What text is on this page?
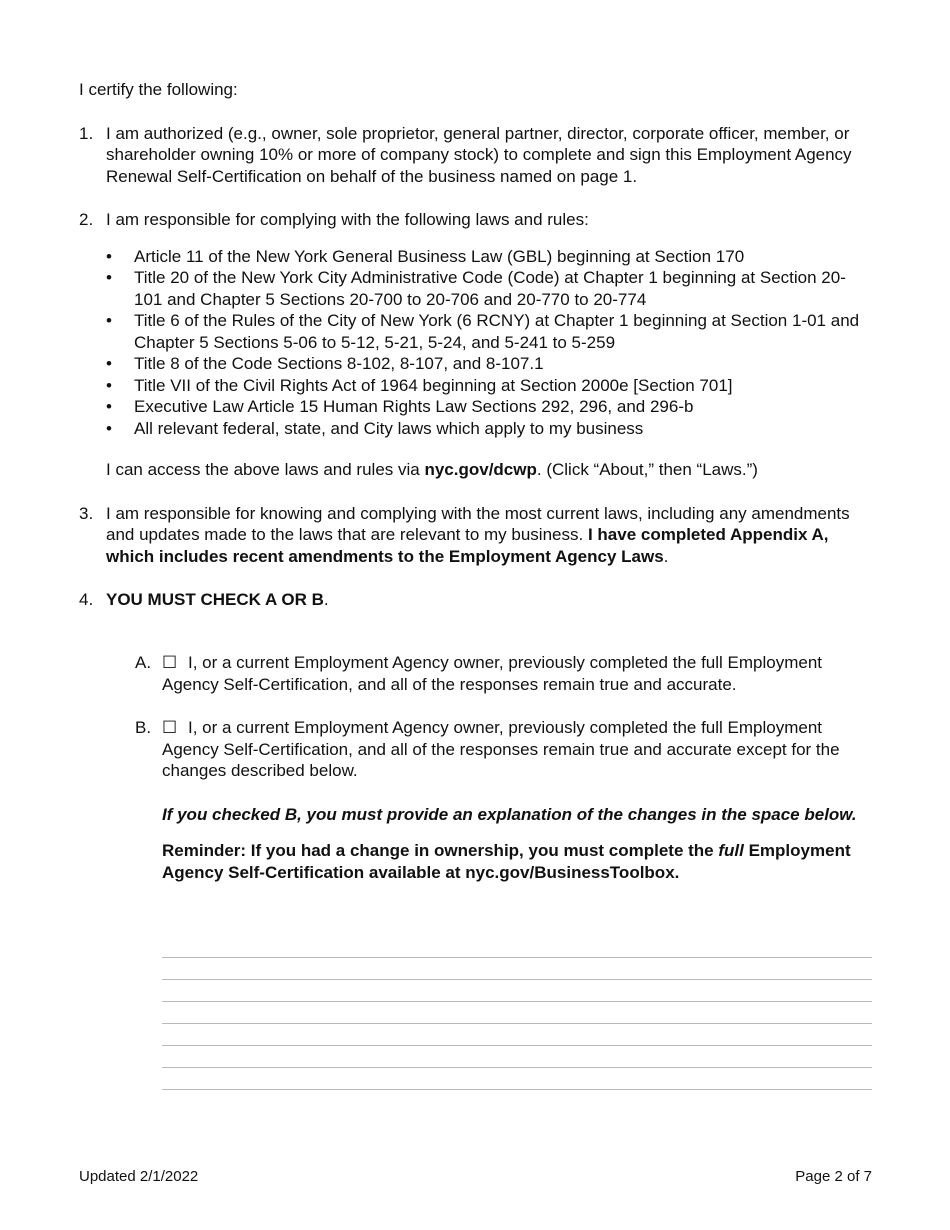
I certify the following:

1. I am authorized (e.g., owner, sole proprietor, general partner, director, corporate officer, member, or shareholder owning 10% or more of company stock) to complete and sign this Employment Agency Renewal Self-Certification on behalf of the business named on page 1.

2. I am responsible for complying with the following laws and rules:

•	Article 11 of the New York General Business Law (GBL) beginning at Section 170
•	Title 20 of the New York City Administrative Code (Code) at Chapter 1 beginning at Section 20-101 and Chapter 5 Sections 20-700 to 20-706 and 20-770 to 20-774
•	Title 6 of the Rules of the City of New York (6 RCNY) at Chapter 1 beginning at Section 1-01 and Chapter 5 Sections 5-06 to 5-12, 5-21, 5-24, and 5-241 to 5-259
•	Title 8 of the Code Sections 8-102, 8-107, and 8-107.1
•	Title VII of the Civil Rights Act of 1964 beginning at Section 2000e [Section 701]
•	Executive Law Article 15 Human Rights Law Sections 292, 296, and 296-b
•	All relevant federal, state, and City laws which apply to my business

I can access the above laws and rules via nyc.gov/dcwp. (Click “About,” then “Laws.”)

3. I am responsible for knowing and complying with the most current laws, including any amendments and updates made to the laws that are relevant to my business. I have completed Appendix A, which includes recent amendments to the Employment Agency Laws.

4. YOU MUST CHECK A OR B.

A. ☐ I, or a current Employment Agency owner, previously completed the full Employment Agency Self-Certification, and all of the responses remain true and accurate.
B. ☐ I, or a current Employment Agency owner, previously completed the full Employment Agency Self-Certification, and all of the responses remain true and accurate except for the changes described below.

If you checked B, you must provide an explanation of the changes in the space below.

Reminder: If you had a change in ownership, you must complete the full Employment Agency Self-Certification available at nyc.gov/BusinessToolbox.

Updated 2/1/2022	Page 2 of 7
